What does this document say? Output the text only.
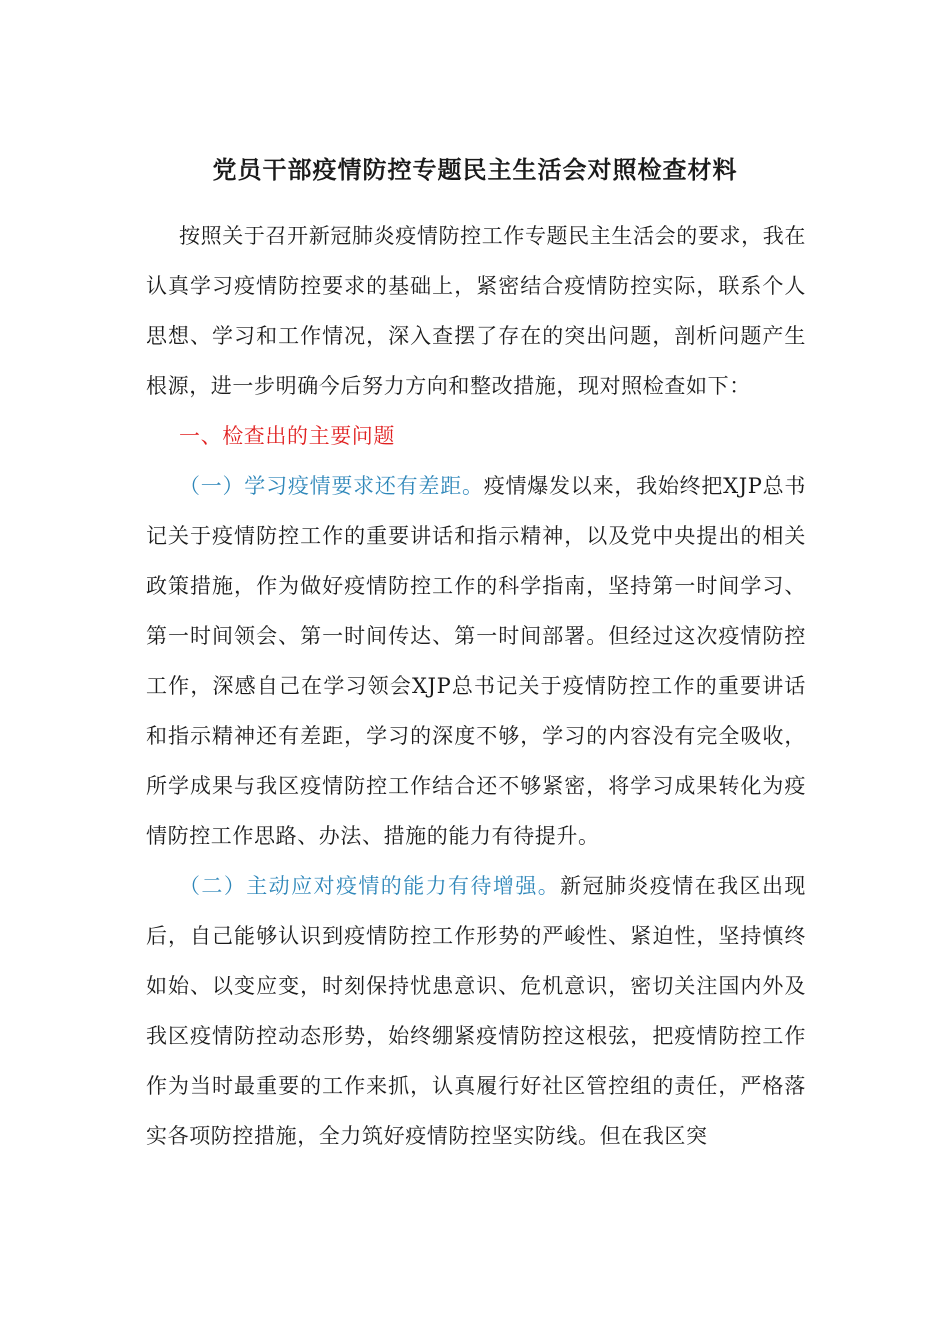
党员干部疫情防控专题民主生活会对照检查材料

按照关于召开新冠肺炎疫情防控工作专题民主生活会的要求，我在认真学习疫情防控要求的基础上，紧密结合疫情防控实际，联系个人思想、学习和工作情况，深入查摆了存在的突出问题，剖析问题产生根源，进一步明确今后努力方向和整改措施，现对照检查如下：

一、检查出的主要问题

（一）学习疫情要求还有差距。疫情爆发以来，我始终把XJP总书记关于疫情防控工作的重要讲话和指示精神，以及党中央提出的相关政策措施，作为做好疫情防控工作的科学指南，坚持第一时间学习、第一时间领会、第一时间传达、第一时间部署。但经过这次疫情防控工作，深感自己在学习领会XJP总书记关于疫情防控工作的重要讲话和指示精神还有差距，学习的深度不够，学习的内容没有完全吸收，所学成果与我区疫情防控工作结合还不够紧密，将学习成果转化为疫情防控工作思路、办法、措施的能力有待提升。

（二）主动应对疫情的能力有待增强。新冠肺炎疫情在我区出现后，自己能够认识到疫情防控工作形势的严峻性、紧迫性，坚持慎终如始、以变应变，时刻保持忧患意识、危机意识，密切关注国内外及我区疫情防控动态形势，始终绷紧疫情防控这根弦，把疫情防控工作作为当时最重要的工作来抓，认真履行好社区管控组的责任，严格落实各项防控措施，全力筑好疫情防控坚实防线。但在我区突
